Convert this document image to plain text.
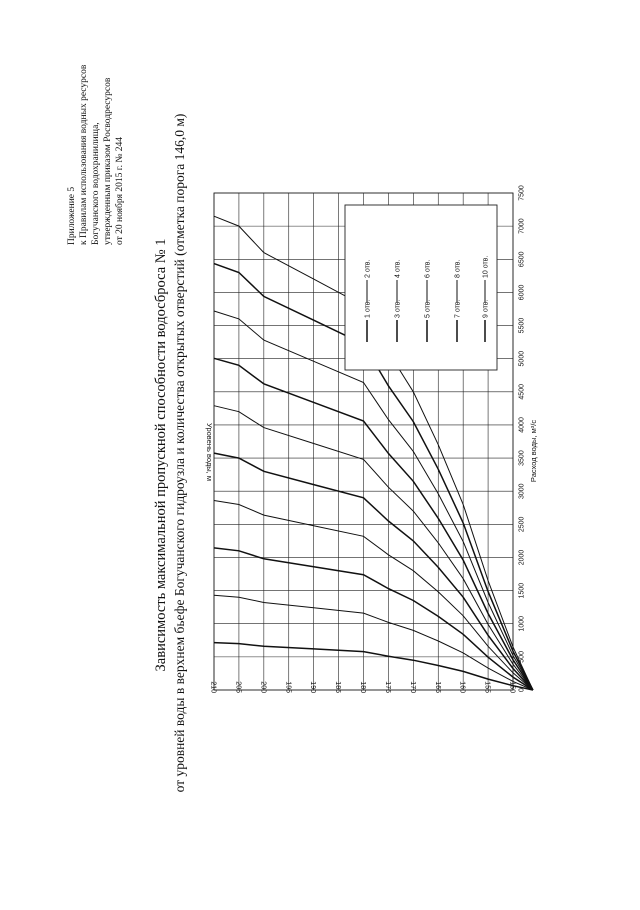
Приложение 5 к Правилам использования водных ресурсов Богучанского водохранилища, утвержденным приказом Росводресурсов от 20 ноября 2015 г. № 244
Зависимость максимальной пропускной способности водосброса № 1 от уровней воды в верхнем бьефе Богучанского гидроузла и количества открытых отверстий (отметка порога 146,0 м) Уровень воды, м	Расход воды, м³/с
150
155
160
165
170
175
180
185
190
195
200
205
210	0
500
1000
1500
2000
2500
3000
3500
4000
4500
5000
5500
6000
6500
7000
7500
1 отв.
2 отв.
3 отв.
4 отв.
5 отв.
6 отв.
7 отв.
8 отв.
9 отв.
10 отв.
